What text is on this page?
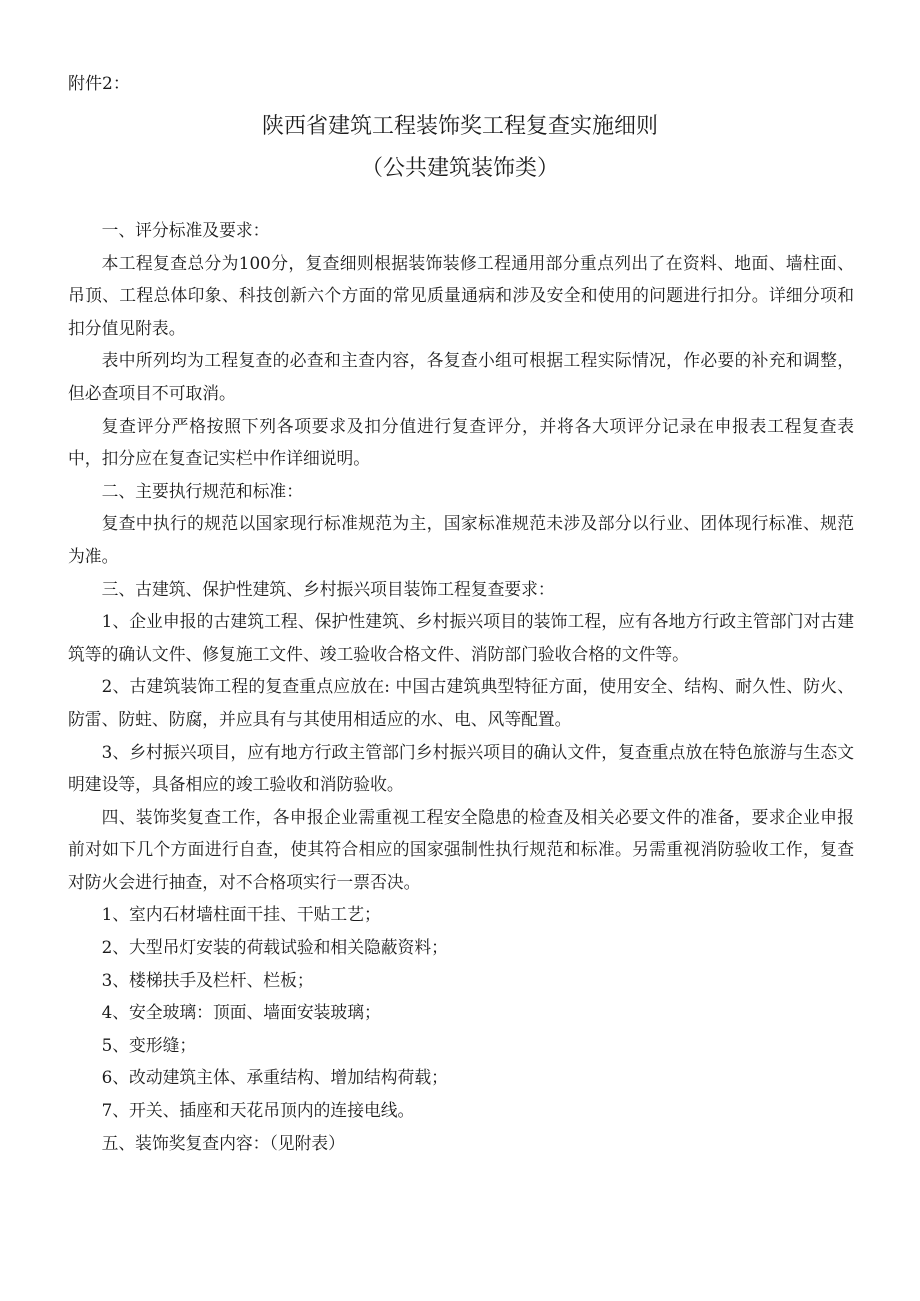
附件2：
陕西省建筑工程装饰奖工程复查实施细则
（公共建筑装饰类）

一、评分标准及要求：

本工程复查总分为100分，复查细则根据装饰装修工程通用部分重点列出了在资料、地面、墙柱面、吊顶、工程总体印象、科技创新六个方面的常见质量通病和涉及安全和使用的问题进行扣分。详细分项和扣分值见附表。

表中所列均为工程复查的必查和主查内容，各复查小组可根据工程实际情况，作必要的补充和调整，但必查项目不可取消。

复查评分严格按照下列各项要求及扣分值进行复查评分，并将各大项评分记录在申报表工程复查表中，扣分应在复查记实栏中作详细说明。

二、主要执行规范和标准：

复查中执行的规范以国家现行标准规范为主，国家标准规范未涉及部分以行业、团体现行标准、规范为准。

三、古建筑、保护性建筑、乡村振兴项目装饰工程复查要求：

1、企业申报的古建筑工程、保护性建筑、乡村振兴项目的装饰工程，应有各地方行政主管部门对古建筑等的确认文件、修复施工文件、竣工验收合格文件、消防部门验收合格的文件等。

2、古建筑装饰工程的复查重点应放在: 中国古建筑典型特征方面，使用安全、结构、耐久性、防火、防雷、防蛀、防腐，并应具有与其使用相适应的水、电、风等配置。

3、乡村振兴项目，应有地方行政主管部门乡村振兴项目的确认文件，复查重点放在特色旅游与生态文明建设等，具备相应的竣工验收和消防验收。

四、装饰奖复查工作，各申报企业需重视工程安全隐患的检查及相关必要文件的准备，要求企业申报前对如下几个方面进行自查，使其符合相应的国家强制性执行规范和标准。另需重视消防验收工作，复查对防火会进行抽查，对不合格项实行一票否决。

1、室内石材墙柱面干挂、干贴工艺；

2、大型吊灯安装的荷载试验和相关隐蔽资料；

3、楼梯扶手及栏杆、栏板；

4、安全玻璃：顶面、墙面安装玻璃；

5、变形缝；

6、改动建筑主体、承重结构、增加结构荷载；

7、开关、插座和天花吊顶内的连接电线。

五、装饰奖复查内容：（见附表）
